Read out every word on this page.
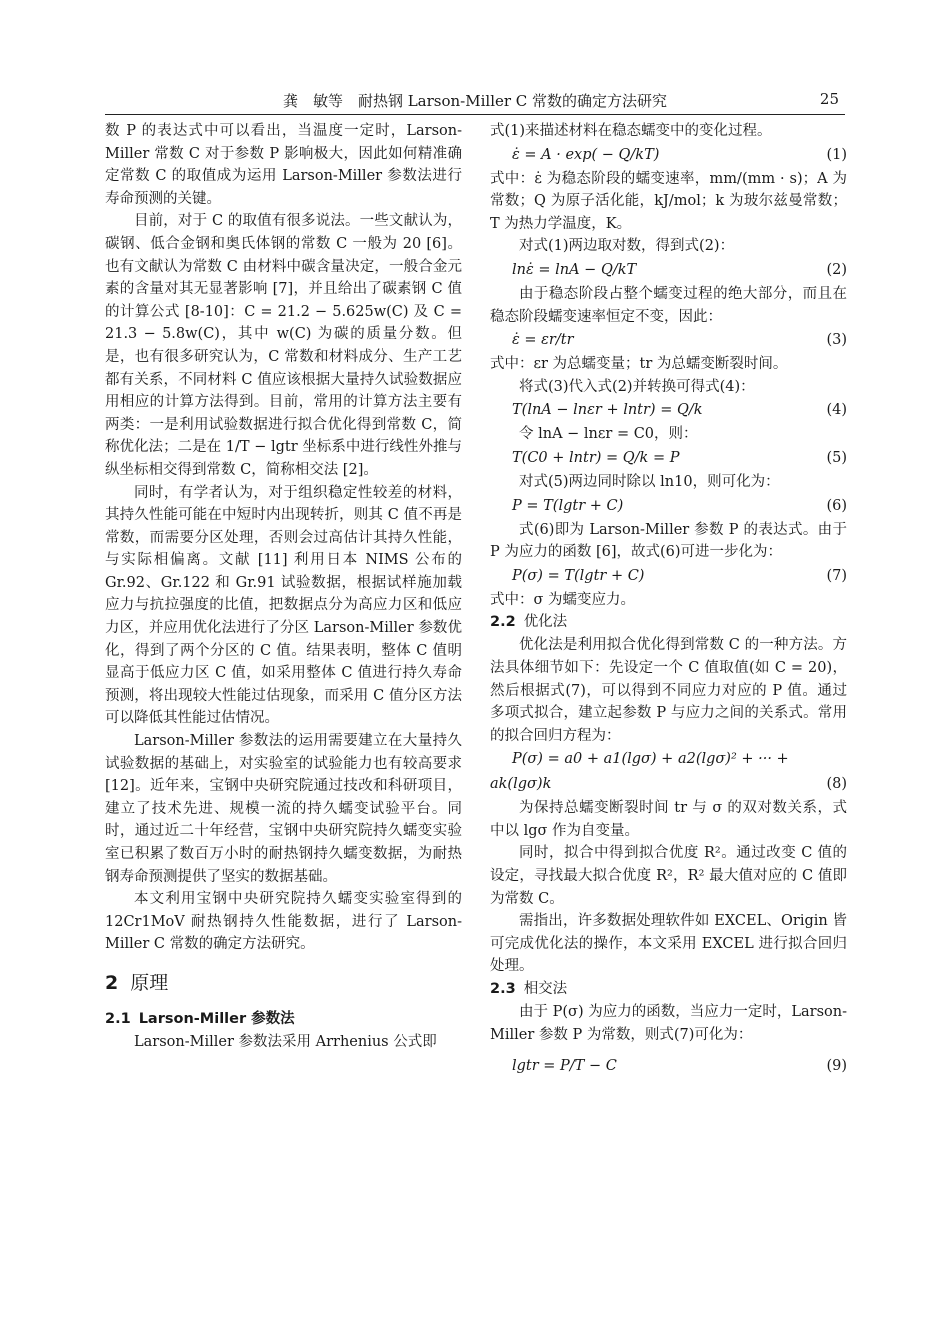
龚　敏等　耐热钢 Larson-Miller C 常数的确定方法研究	25

数 P 的表达式中可以看出，当温度一定时，Larson-Miller 常数 C 对于参数 P 影响极大，因此如何精准确定常数 C 的取值成为运用 Larson-Miller 参数法进行寿命预测的关键。

目前，对于 C 的取值有很多说法。一些文献认为，碳钢、低合金钢和奥氏体钢的常数 C 一般为 20 [6]。也有文献认为常数 C 由材料中碳含量决定，一般合金元素的含量对其无显著影响 [7]，并且给出了碳素钢 C 值的计算公式 [8-10]：C = 21.2 − 5.625w(C) 及 C = 21.3 − 5.8w(C)，其中 w(C) 为碳的质量分数。但是，也有很多研究认为，C 常数和材料成分、生产工艺都有关系，不同材料 C 值应该根据大量持久试验数据应用相应的计算方法得到。目前，常用的计算方法主要有两类：一是利用试验数据进行拟合优化得到常数 C，简称优化法；二是在 1/T − lgtr 坐标系中进行线性外推与纵坐标相交得到常数 C，简称相交法 [2]。

同时，有学者认为，对于组织稳定性较差的材料，其持久性能可能在中短时内出现转折，则其 C 值不再是常数，而需要分区处理，否则会过高估计其持久性能，与实际相偏离。文献 [11] 利用日本 NIMS 公布的 Gr.92、Gr.122 和 Gr.91 试验数据，根据试样施加载应力与抗拉强度的比值，把数据点分为高应力区和低应力区，并应用优化法进行了分区 Larson-Miller 参数优化，得到了两个分区的 C 值。结果表明，整体 C 值明显高于低应力区 C 值，如采用整体 C 值进行持久寿命预测，将出现较大性能过估现象，而采用 C 值分区方法可以降低其性能过估情况。

Larson-Miller 参数法的运用需要建立在大量持久试验数据的基础上，对实验室的试验能力也有较高要求 [12]。近年来，宝钢中央研究院通过技改和科研项目，建立了技术先进、规模一流的持久蠕变试验平台。同时，通过近二十年经营，宝钢中央研究院持久蠕变实验室已积累了数百万小时的耐热钢持久蠕变数据，为耐热钢寿命预测提供了坚实的数据基础。

本文利用宝钢中央研究院持久蠕变实验室得到的 12Cr1MoV 耐热钢持久性能数据，进行了 Larson-Miller C 常数的确定方法研究。

2 原理
2.1 Larson-Miller 参数法

Larson-Miller 参数法采用 Arrhenius 公式即

式(1)来描述材料在稳态蠕变中的变化过程。

ε̇ = A · exp( − Q/kT)	(1)

式中：ε̇ 为稳态阶段的蠕变速率，mm/(mm · s)；A 为常数；Q 为原子活化能，kJ/mol；k 为玻尔兹曼常数；T 为热力学温度，K。

对式(1)两边取对数，得到式(2)：

lnε̇ = lnA − Q/kT	(2)

由于稳态阶段占整个蠕变过程的绝大部分，而且在稳态阶段蠕变速率恒定不变，因此：

ε̇ = εr/tr	(3)

式中：εr 为总蠕变量；tr 为总蠕变断裂时间。

将式(3)代入式(2)并转换可得式(4)：

T(lnA − lnεr + lntr) = Q/k	(4)

令 lnA − lnεr = C0，则：

T(C0 + lntr) = Q/k = P	(5)

对式(5)两边同时除以 ln10，则可化为：

P = T(lgtr + C)	(6)

式(6)即为 Larson-Miller 参数 P 的表达式。由于 P 为应力的函数 [6]，故式(6)可进一步化为：

P(σ) = T(lgtr + C)	(7)

式中：σ 为蠕变应力。

2.2 优化法

优化法是利用拟合优化得到常数 C 的一种方法。方法具体细节如下：先设定一个 C 值取值(如 C = 20)，然后根据式(7)，可以得到不同应力对应的 P 值。通过多项式拟合，建立起参数 P 与应力之间的关系式。常用的拟合回归方程为：

P(σ) = a0 + a1(lgσ) + a2(lgσ)² + ··· +
ak(lgσ)k	(8)

为保持总蠕变断裂时间 tr 与 σ 的双对数关系，式中以 lgσ 作为自变量。

同时，拟合中得到拟合优度 R²。通过改变 C 值的设定，寻找最大拟合优度 R²，R² 最大值对应的 C 值即为常数 C。

需指出，许多数据处理软件如 EXCEL、Origin 皆可完成优化法的操作，本文采用 EXCEL 进行拟合回归处理。

2.3 相交法

由于 P(σ) 为应力的函数，当应力一定时，Larson-Miller 参数 P 为常数，则式(7)可化为：

lgtr = P/T − C	(9)
